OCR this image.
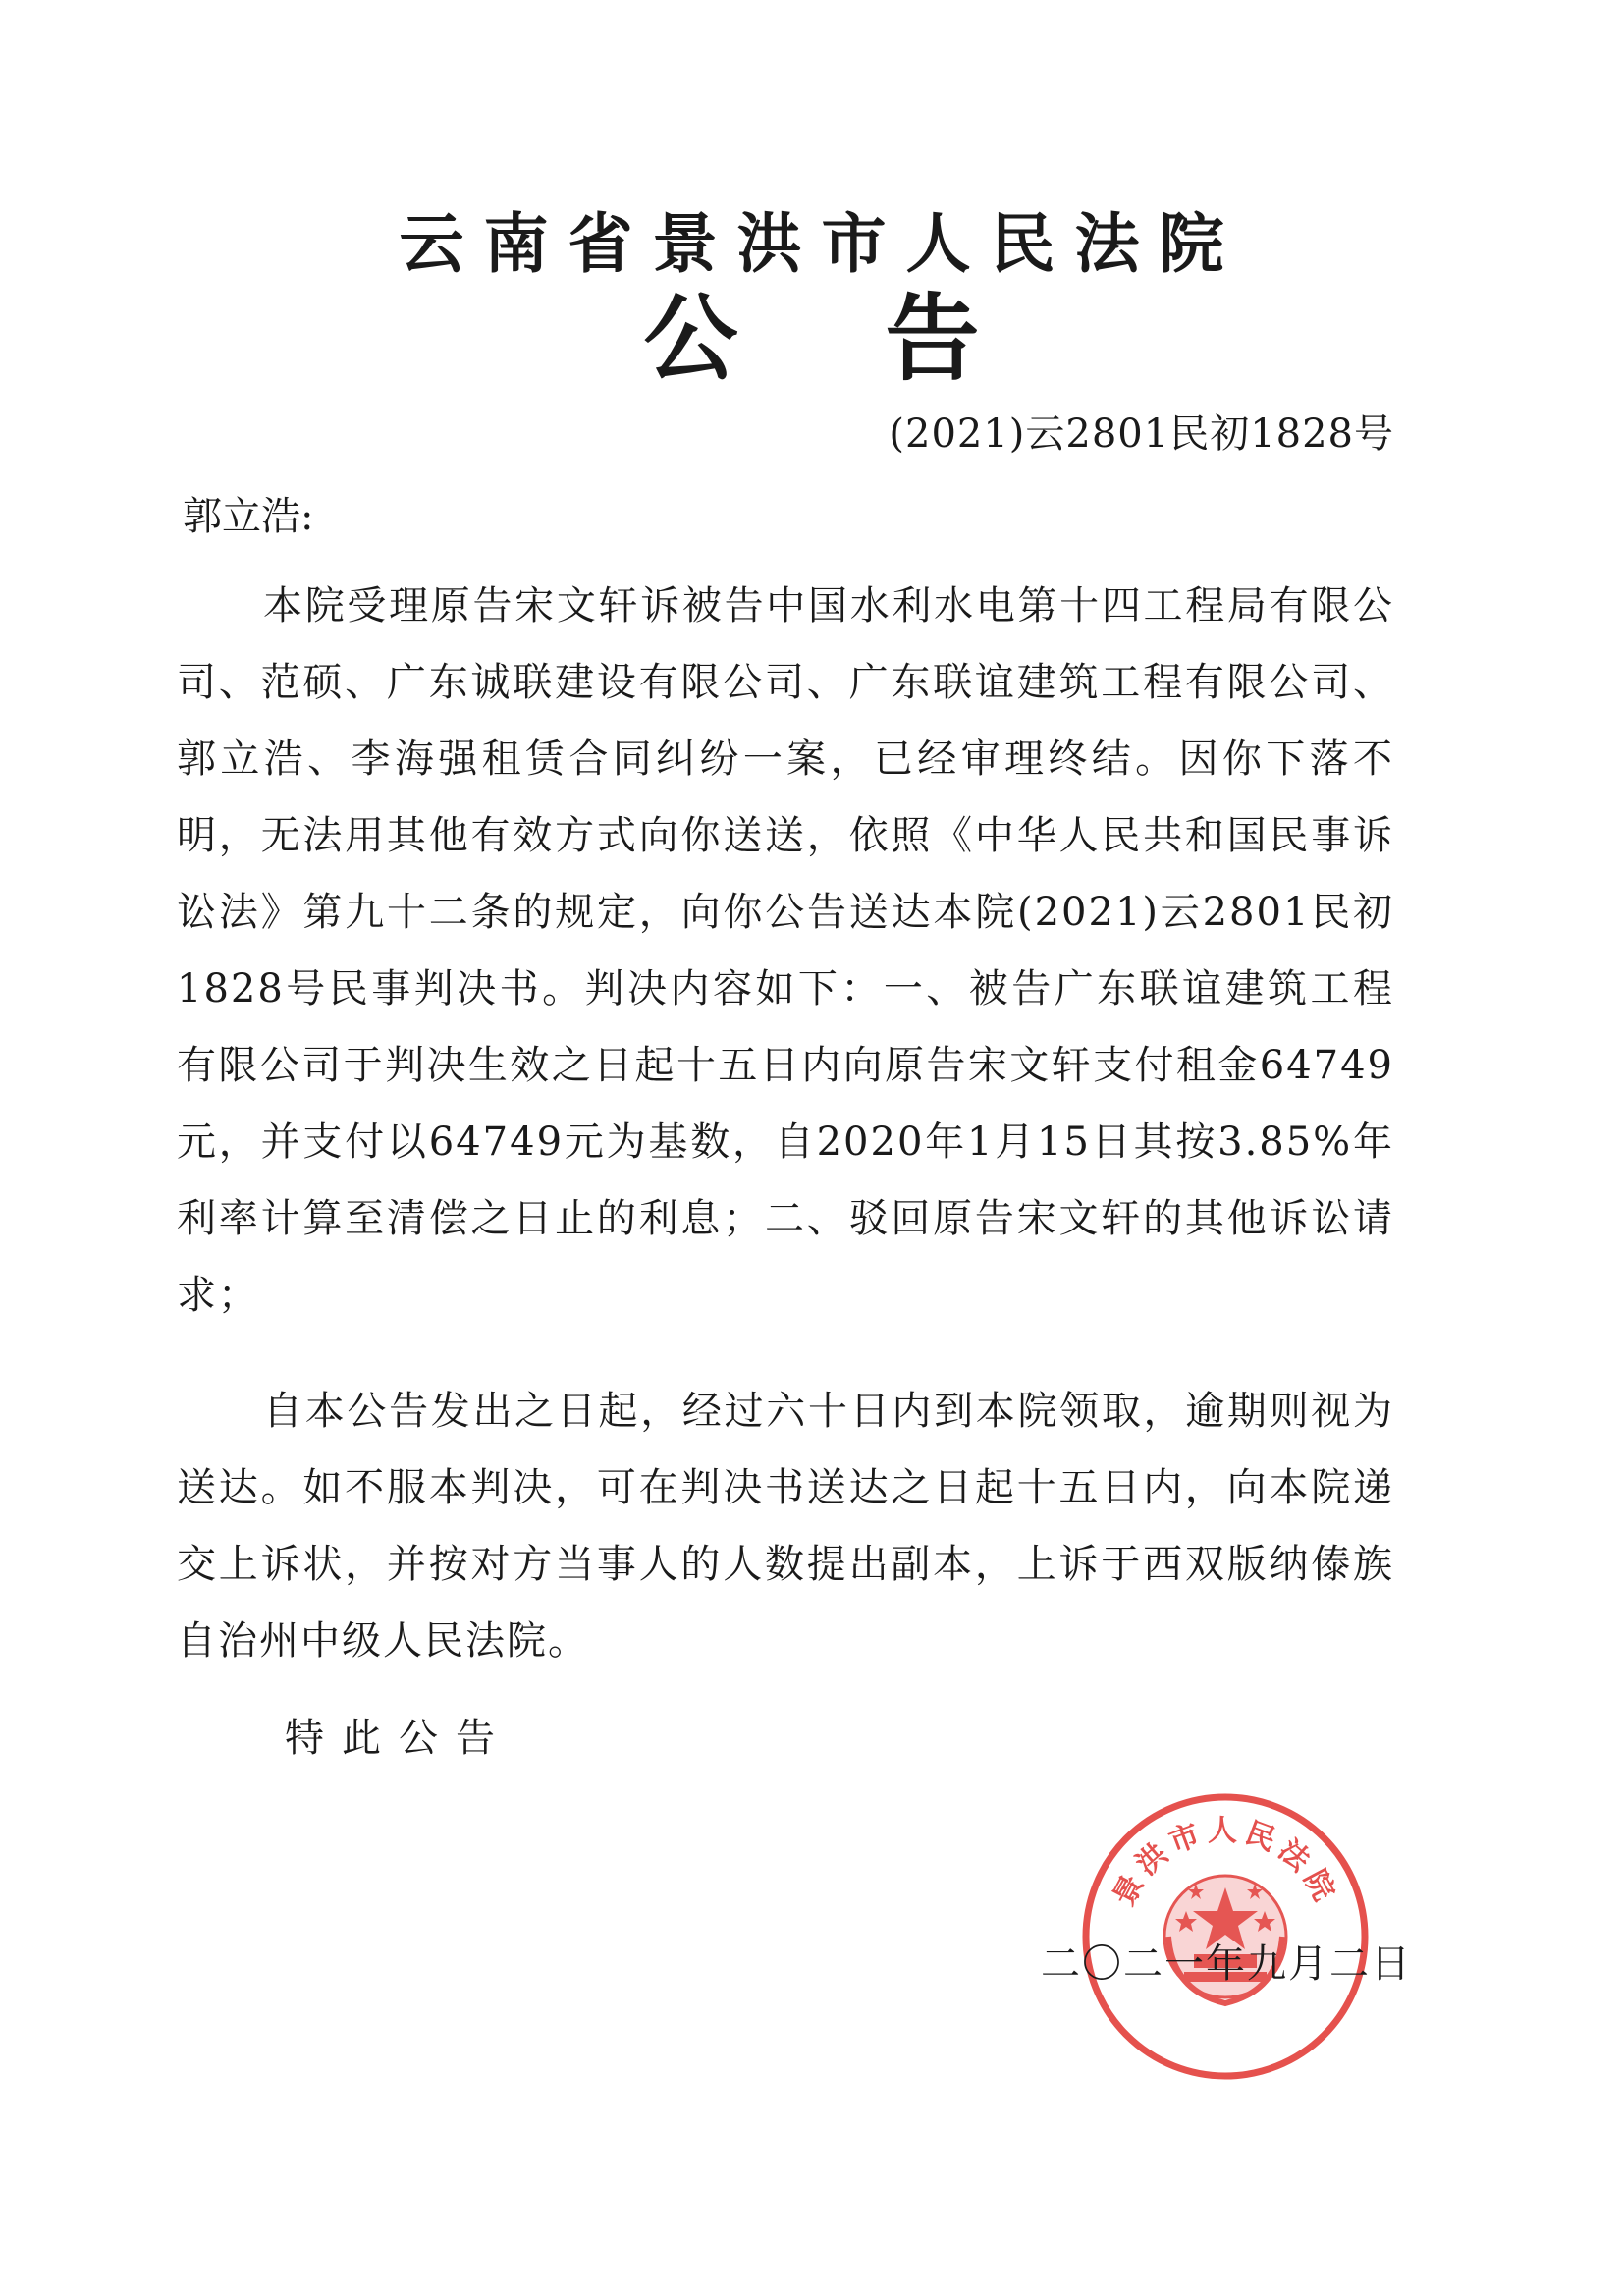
云南省景洪市人民法院
公告
(2021)云2801民初1828号
郭立浩:
本院受理原告宋文轩诉被告中国水利水电第十四工程局有限公司、范硕、广东诚联建设有限公司、广东联谊建筑工程有限公司、郭立浩、李海强租赁合同纠纷一案，已经审理终结。因你下落不明，无法用其他有效方式向你送送，依照《中华人民共和国民事诉讼法》第九十二条的规定，向你公告送达本院(2021)云2801民初1828号民事判决书。判决内容如下：一、被告广东联谊建筑工程有限公司于判决生效之日起十五日内向原告宋文轩支付租金64749元，并支付以64749元为基数，自2020年1月15日其按3.85%年利率计算至清偿之日止的利息；二、驳回原告宋文轩的其他诉讼请求；
自本公告发出之日起，经过六十日内到本院领取，逾期则视为送达。如不服本判决，可在判决书送达之日起十五日内，向本院递交上诉状，并按对方当事人的人数提出副本，上诉于西双版纳傣族自治州中级人民法院。
特此公告
景洪市人民法院
二〇二一年九月二日
